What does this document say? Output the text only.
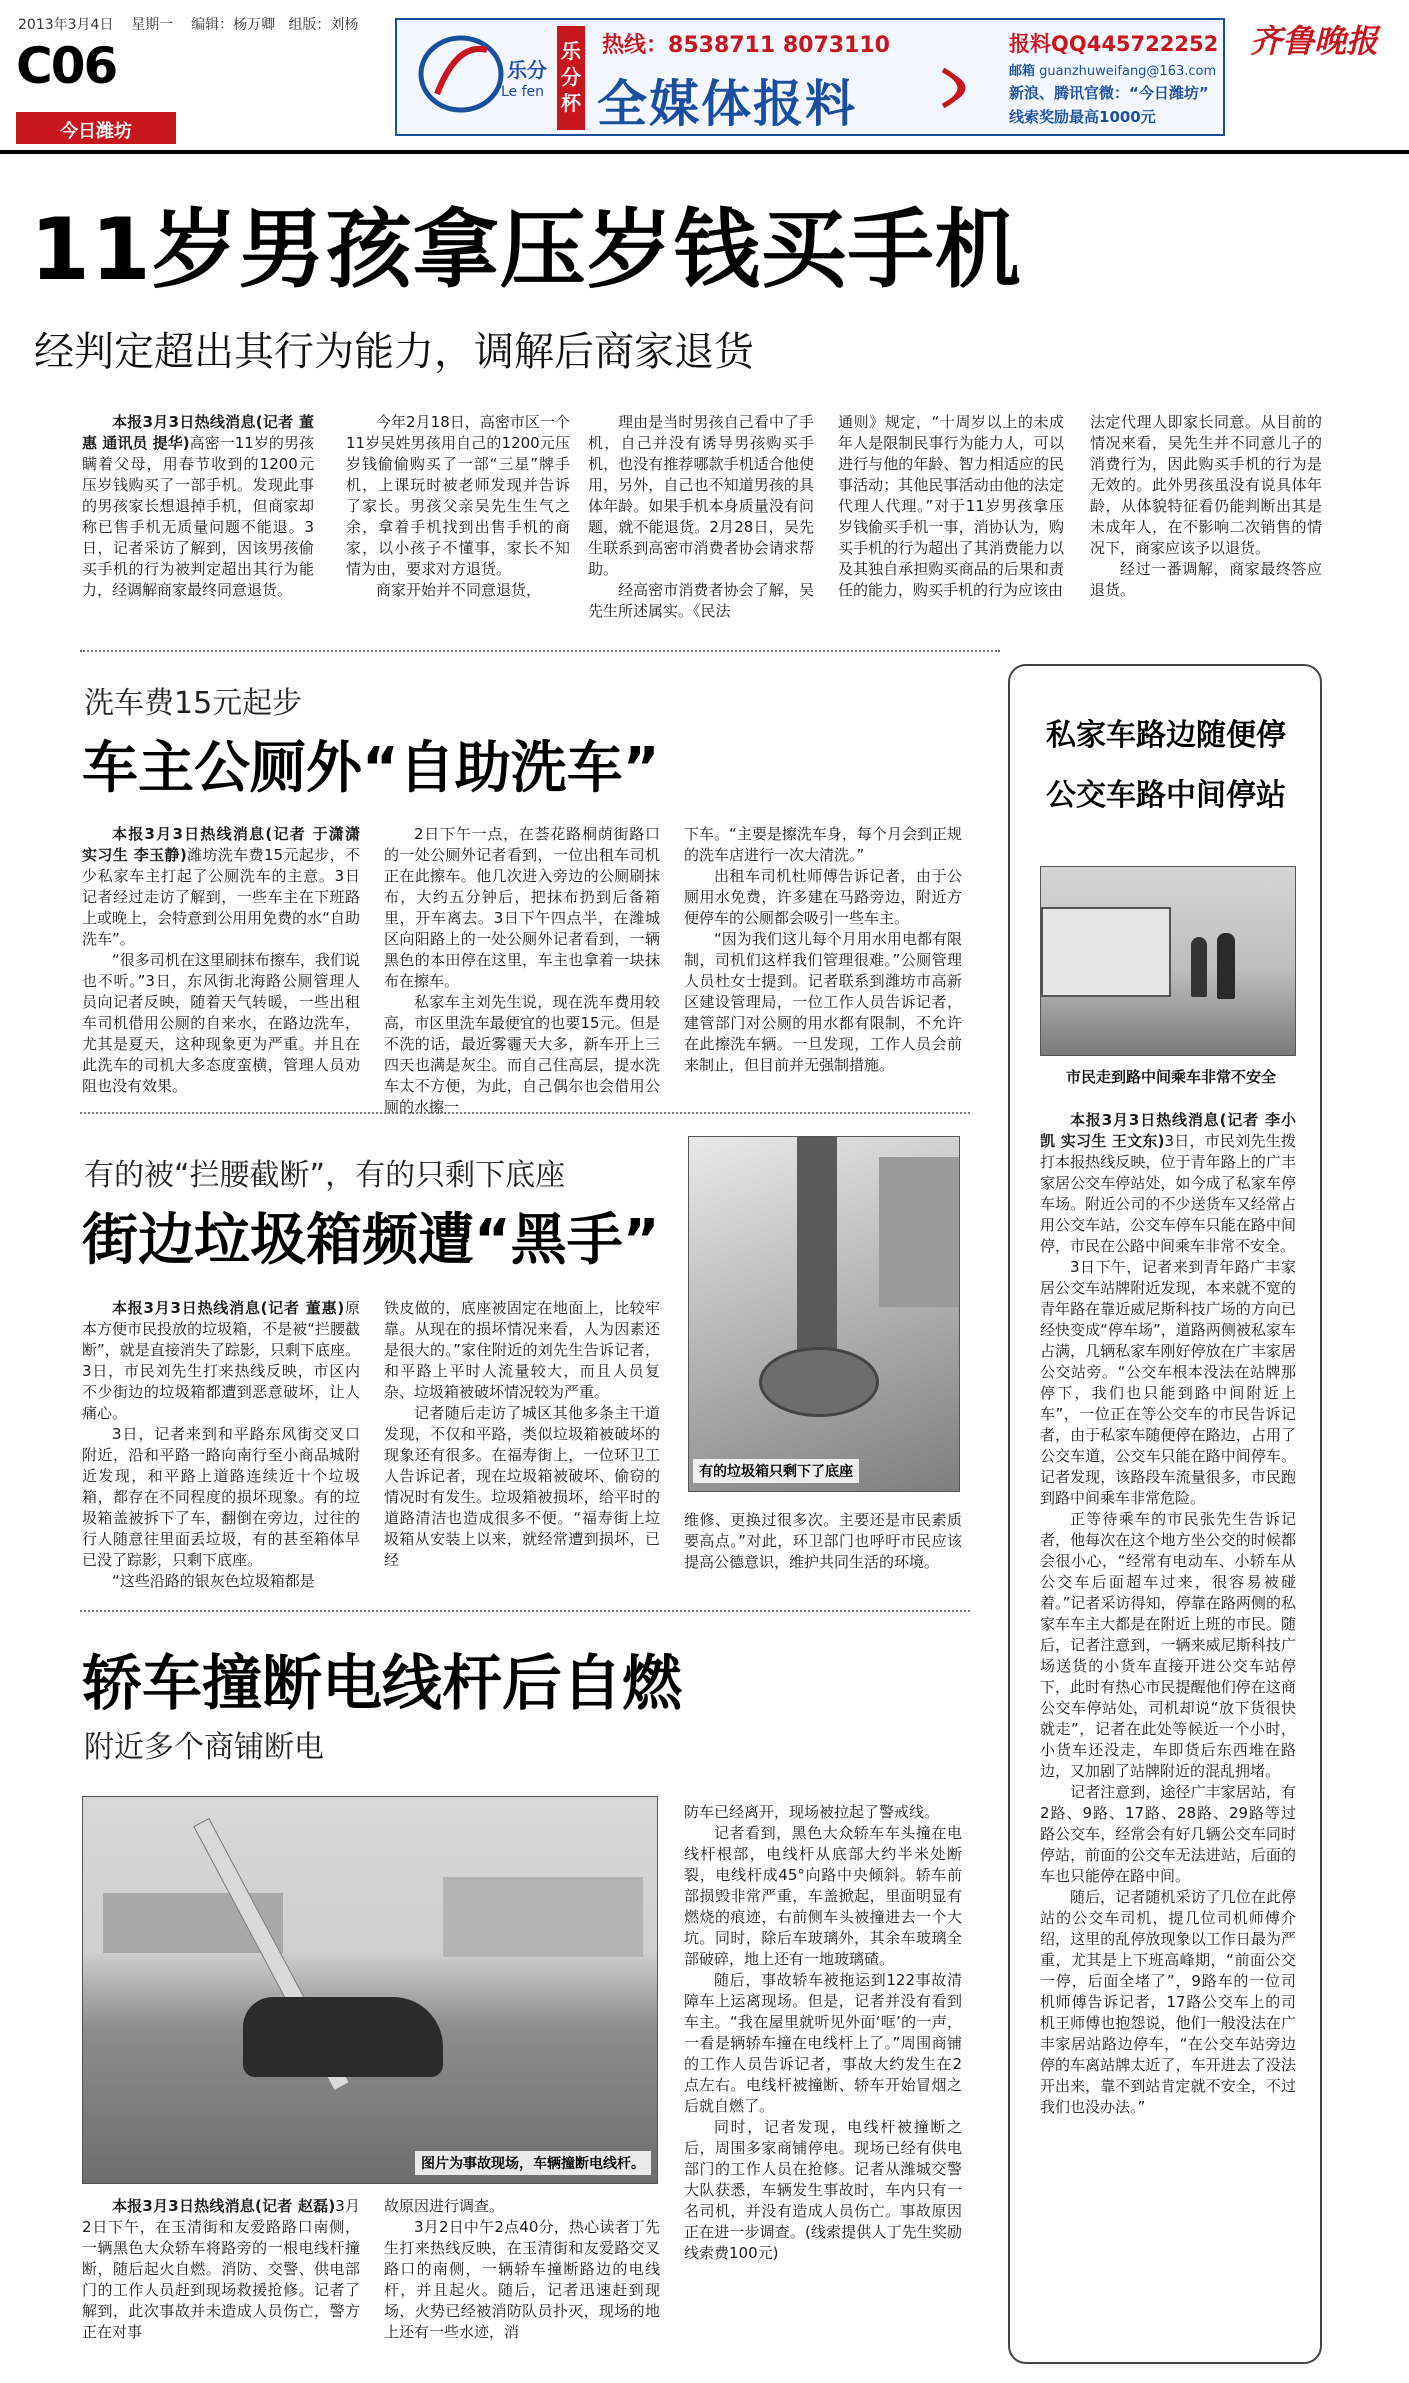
2013年3月4日 星期一 编辑：杨万卿 组版：刘杨
C06
今日潍坊
乐分
Le fen
乐分杯
热线：8538711 8073110
全媒体报料
报料QQ445722252
邮箱 guanzhuweifang@163.com
新浪、腾讯官微：“今日潍坊”
线索奖励最高1000元
齐鲁晚报
11岁男孩拿压岁钱买手机
经判定超出其行为能力，调解后商家退货

本报3月3日热线消息(记者 董惠 通讯员 提华)高密一11岁的男孩瞒着父母，用春节收到的1200元压岁钱购买了一部手机。发现此事的男孩家长想退掉手机，但商家却称已售手机无质量问题不能退。3日，记者采访了解到，因该男孩偷买手机的行为被判定超出其行为能力，经调解商家最终同意退货。

今年2月18日，高密市区一个11岁吴姓男孩用自己的1200元压岁钱偷偷购买了一部“三星”牌手机，上课玩时被老师发现并告诉了家长。男孩父亲吴先生生气之余，拿着手机找到出售手机的商家，以小孩子不懂事，家长不知情为由，要求对方退货。

商家开始并不同意退货，

理由是当时男孩自己看中了手机，自己并没有诱导男孩购买手机，也没有推荐哪款手机适合他使用，另外，自己也不知道男孩的具体年龄。如果手机本身质量没有问题，就不能退货。2月28日，吴先生联系到高密市消费者协会请求帮助。

经高密市消费者协会了解，吴先生所述属实。《民法

通则》规定，“十周岁以上的未成年人是限制民事行为能力人，可以进行与他的年龄、智力相适应的民事活动；其他民事活动由他的法定代理人代理。”对于11岁男孩拿压岁钱偷买手机一事，消协认为，购买手机的行为超出了其消费能力以及其独自承担购买商品的后果和责任的能力，购买手机的行为应该由

法定代理人即家长同意。从目前的情况来看，吴先生并不同意儿子的消费行为，因此购买手机的行为是无效的。此外男孩虽没有说具体年龄，从体貌特征看仍能判断出其是未成年人，在不影响二次销售的情况下，商家应该予以退货。

经过一番调解，商家最终答应退货。

洗车费15元起步
车主公厕外“自助洗车”

本报3月3日热线消息(记者 于潇潇 实习生 李玉静)潍坊洗车费15元起步，不少私家车主打起了公厕洗车的主意。3日记者经过走访了解到，一些车主在下班路上或晚上，会特意到公用用免费的水“自助洗车”。

“很多司机在这里刷抹布擦车，我们说也不听。”3日，东风街北海路公厕管理人员向记者反映，随着天气转暖，一些出租车司机借用公厕的自来水，在路边洗车，尤其是夏天，这种现象更为严重。并且在此洗车的司机大多态度蛮横，管理人员劝阻也没有效果。

2日下午一点，在荟花路桐荫街路口的一处公厕外记者看到，一位出租车司机正在此擦车。他几次进入旁边的公厕刷抹布，大约五分钟后，把抹布扔到后备箱里，开车离去。3日下午四点半，在潍城区向阳路上的一处公厕外记者看到，一辆黑色的本田停在这里，车主也拿着一块抹布在擦车。

私家车主刘先生说，现在洗车费用较高，市区里洗车最便宜的也要15元。但是不洗的话，最近雾霾天大多，新车开上三四天也满是灰尘。而自己住高层，提水洗车太不方便，为此，自己偶尔也会借用公厕的水擦一

下车。“主要是擦洗车身，每个月会到正规的洗车店进行一次大清洗。”

出租车司机杜师傅告诉记者，由于公厕用水免费，许多建在马路旁边，附近方便停车的公厕都会吸引一些车主。

“因为我们这儿每个月用水用电都有限制，司机们这样我们管理很难。”公厕管理人员杜女士提到。记者联系到潍坊市高新区建设管理局，一位工作人员告诉记者，建管部门对公厕的用水都有限制，不允许在此擦洗车辆。一旦发现，工作人员会前来制止，但目前并无强制措施。

有的被“拦腰截断”，有的只剩下底座
街边垃圾箱频遭“黑手”

本报3月3日热线消息(记者 董惠)原本方便市民投放的垃圾箱，不是被“拦腰截断”，就是直接消失了踪影，只剩下底座。3日，市民刘先生打来热线反映，市区内不少街边的垃圾箱都遭到恶意破坏，让人痛心。

3日，记者来到和平路东风街交叉口附近，沿和平路一路向南行至小商品城附近发现，和平路上道路连续近十个垃圾箱，都存在不同程度的损坏现象。有的垃圾箱盖被拆下了车，翻倒在旁边，过往的行人随意往里面丢垃圾，有的甚至箱体早已没了踪影，只剩下底座。

“这些沿路的银灰色垃圾箱都是

铁皮做的，底座被固定在地面上，比较牢靠。从现在的损坏情况来看，人为因素还是很大的。”家住附近的刘先生告诉记者，和平路上平时人流量较大，而且人员复杂、垃圾箱被破坏情况较为严重。

记者随后走访了城区其他多条主干道发现，不仅和平路，类似垃圾箱被破坏的现象还有很多。在福寿街上，一位环卫工人告诉记者，现在垃圾箱被破坏、偷窃的情况时有发生。垃圾箱被损坏，给平时的道路清洁也造成很多不便。“福寿街上垃圾箱从安装上以来，就经常遭到损坏，已经

维修、更换过很多次。主要还是市民素质要高点。”对此，环卫部门也呼吁市民应该提高公德意识，维护共同生活的环境。

有的垃圾箱只剩下了底座
轿车撞断电线杆后自燃
附近多个商铺断电
图片为事故现场，车辆撞断电线杆。

本报3月3日热线消息(记者 赵磊)3月2日下午，在玉清街和友爱路路口南侧，一辆黑色大众轿车将路旁的一根电线杆撞断，随后起火自燃。消防、交警、供电部门的工作人员赶到现场救援抢修。记者了解到，此次事故并未造成人员伤亡，警方正在对事

故原因进行调查。

3月2日中午2点40分，热心读者丁先生打来热线反映，在玉清街和友爱路交叉路口的南侧，一辆轿车撞断路边的电线杆，并且起火。随后，记者迅速赶到现场，火势已经被消防队员扑灭，现场的地上还有一些水迹，消

防车已经离开，现场被拉起了警戒线。

记者看到，黑色大众轿车车头撞在电线杆根部，电线杆从底部大约半米处断裂，电线杆成45°向路中央倾斜。轿车前部损毁非常严重，车盖掀起，里面明显有燃烧的痕迹，右前侧车头被撞进去一个大坑。同时，除后车玻璃外，其余车玻璃全部破碎，地上还有一地玻璃碴。

随后，事故轿车被拖运到122事故清障车上运离现场。但是，记者并没有看到车主。“我在屋里就听见外面‘哐’的一声，一看是辆轿车撞在电线杆上了。”周围商铺的工作人员告诉记者，事故大约发生在2点左右。电线杆被撞断、轿车开始冒烟之后就自燃了。

同时，记者发现，电线杆被撞断之后，周围多家商铺停电。现场已经有供电部门的工作人员在抢修。记者从潍城交警大队获悉，车辆发生事故时，车内只有一名司机，并没有造成人员伤亡。事故原因正在进一步调查。(线索提供人丁先生奖励线索费100元)

私家车路边随便停
公交车路中间停站
市民走到路中间乘车非常不安全

本报3月3日热线消息(记者 李小凯 实习生 王文东)3日，市民刘先生拨打本报热线反映，位于青年路上的广丰家居公交车停站处，如今成了私家车停车场。附近公司的不少送货车又经常占用公交车站，公交车停车只能在路中间停，市民在公路中间乘车非常不安全。

3日下午，记者来到青年路广丰家居公交车站牌附近发现，本来就不宽的青年路在靠近威尼斯科技广场的方向已经快变成“停车场”，道路两侧被私家车占满，几辆私家车刚好停放在广丰家居公交站旁。“公交车根本没法在站牌那停下，我们也只能到路中间附近上车”，一位正在等公交车的市民告诉记者，由于私家车随便停在路边，占用了公交车道，公交车只能在路中间停车。记者发现，该路段车流量很多，市民跑到路中间乘车非常危险。

正等待乘车的市民张先生告诉记者，他每次在这个地方坐公交的时候都会很小心，“经常有电动车、小轿车从公交车后面超车过来，很容易被碰着。”记者采访得知，停靠在路两侧的私家车车主大都是在附近上班的市民。随后，记者注意到，一辆来威尼斯科技广场送货的小货车直接开进公交车站停下，此时有热心市民提醒他们停在这商公交车停站处，司机却说“放下货很快就走”，记者在此处等候近一个小时，小货车还没走，车即货后东西堆在路边，又加剧了站牌附近的混乱拥堵。

记者注意到，途径广丰家居站，有2路、9路、17路、28路、29路等过路公交车，经常会有好几辆公交车同时停站，前面的公交车无法进站，后面的车也只能停在路中间。

随后，记者随机采访了几位在此停站的公交车司机，提几位司机师傅介绍，这里的乱停放现象以工作日最为严重，尤其是上下班高峰期，“前面公交一停，后面全堵了”，9路车的一位司机师傅告诉记者，17路公交车上的司机王师傅也抱怨说，他们一般没法在广丰家居站路边停车，“在公交车站旁边停的车离站牌太近了，车开进去了没法开出来，靠不到站肯定就不安全，不过我们也没办法。”
